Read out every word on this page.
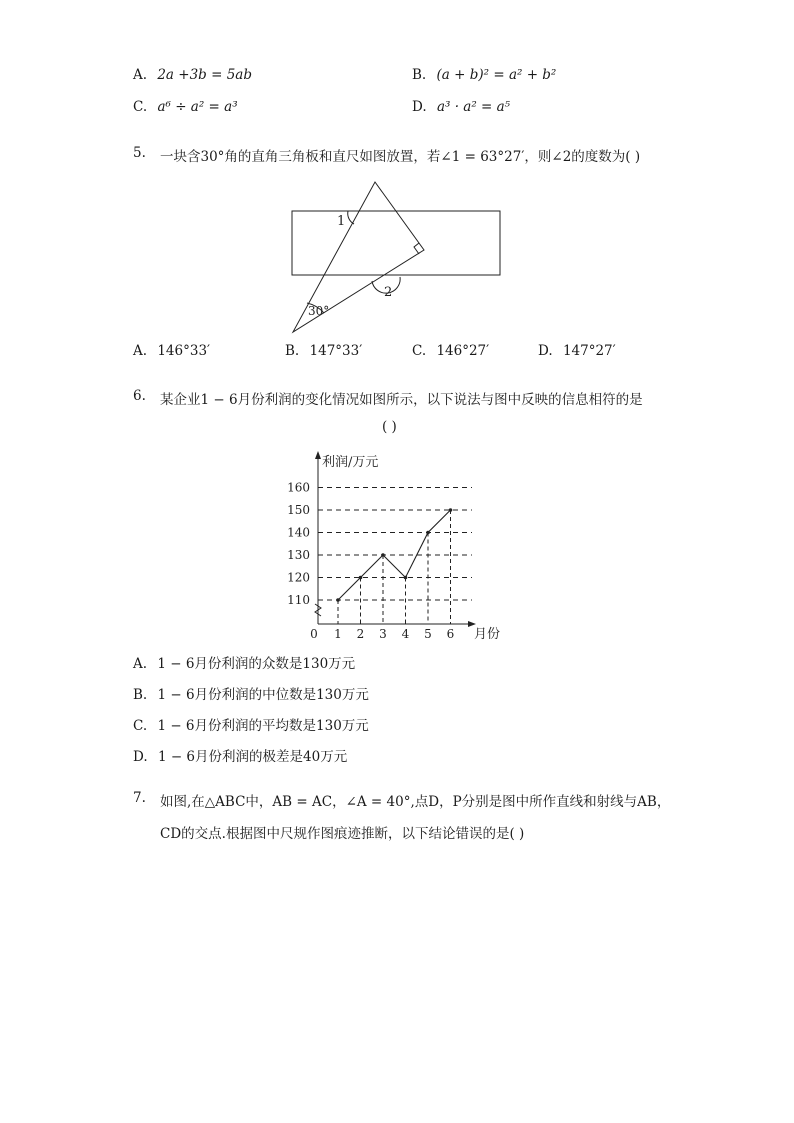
A. 2a +3b = 5ab	B. (a + b)² = a² + b²
C. a⁶ ÷ a² = a³	D. a³ · a² = a⁵
5. 一块含30°角的直角三角板和直尺如图放置，若∠1 = 63°27′，则∠2的度数为( )
1
2
30°
A. 146°33′	B. 147°33′	C. 146°27′	D. 147°27′
6. 某企业1 − 6月份利润的变化情况如图所示，以下说法与图中反映的信息相符的是
( )
110
120
130
140
150
160
1 2 3 4 5 6
利润/万元
月份
0
A. 1 − 6月份利润的众数是130万元
B. 1 − 6月份利润的中位数是130万元
C. 1 − 6月份利润的平均数是130万元
D. 1 − 6月份利润的极差是40万元
7. 如图,在△ABC中，AB = AC，∠A = 40°,点D，P分别是图中所作直线和射线与AB，
CD的交点.根据图中尺规作图痕迹推断，以下结论错误的是( )
